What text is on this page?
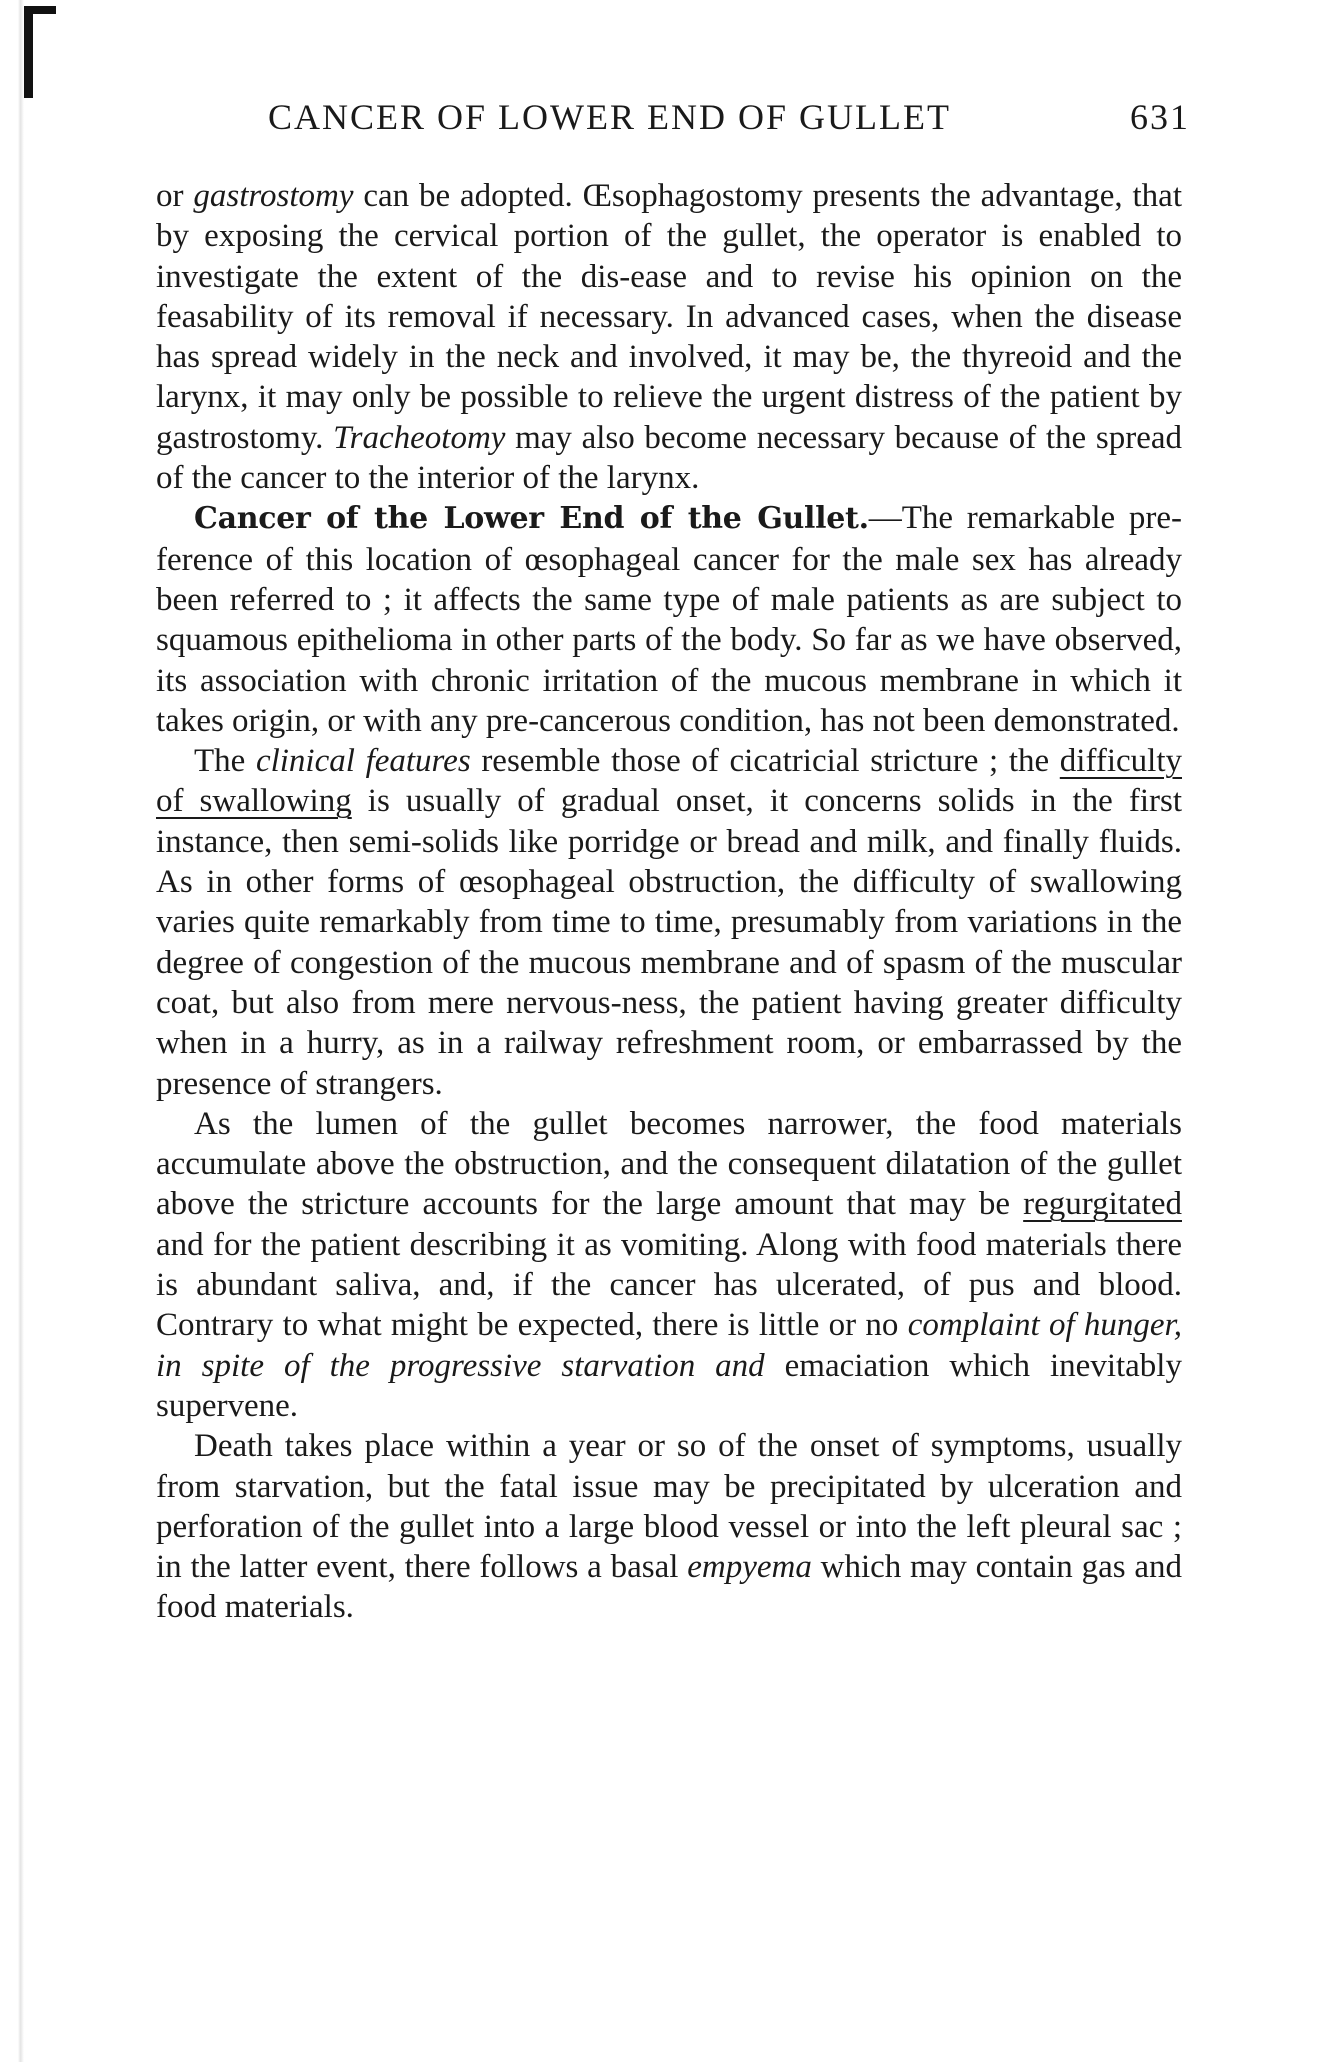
CANCER OF LOWER END OF GULLET	631

or gastrostomy can be adopted. Œsophagostomy presents the advantage, that by exposing the cervical portion of the gullet, the operator is enabled to investigate the extent of the dis-ease and to revise his opinion on the feasability of its removal if necessary. In advanced cases, when the disease has spread widely in the neck and involved, it may be, the thyreoid and the larynx, it may only be possible to relieve the urgent distress of the patient by gastrostomy. Tracheotomy may also become necessary because of the spread of the cancer to the interior of the larynx.

Cancer of the Lower End of the Gullet.—The remarkable pre-ference of this location of œsophageal cancer for the male sex has already been referred to ; it affects the same type of male patients as are subject to squamous epithelioma in other parts of the body. So far as we have observed, its association with chronic irritation of the mucous membrane in which it takes origin, or with any pre-cancerous condition, has not been demonstrated.

The clinical features resemble those of cicatricial stricture ; the difficulty of swallowing is usually of gradual onset, it concerns solids in the first instance, then semi-solids like porridge or bread and milk, and finally fluids. As in other forms of œsophageal obstruction, the difficulty of swallowing varies quite remarkably from time to time, presumably from variations in the degree of congestion of the mucous membrane and of spasm of the muscular coat, but also from mere nervous-ness, the patient having greater difficulty when in a hurry, as in a railway refreshment room, or embarrassed by the presence of strangers.

As the lumen of the gullet becomes narrower, the food materials accumulate above the obstruction, and the consequent dilatation of the gullet above the stricture accounts for the large amount that may be regurgitated and for the patient describing it as vomiting. Along with food materials there is abundant saliva, and, if the cancer has ulcerated, of pus and blood. Contrary to what might be expected, there is little or no complaint of hunger, in spite of the progressive starvation and emaciation which inevitably supervene.

Death takes place within a year or so of the onset of symptoms, usually from starvation, but the fatal issue may be precipitated by ulceration and perforation of the gullet into a large blood vessel or into the left pleural sac ; in the latter event, there follows a basal empyema which may contain gas and food materials.
